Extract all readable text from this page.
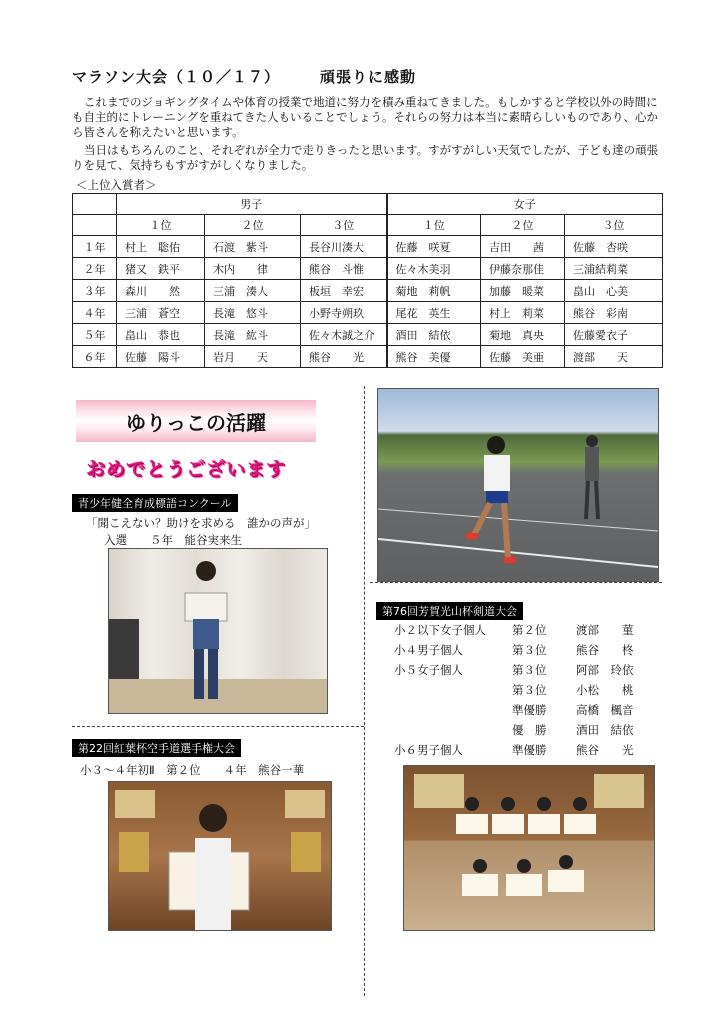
マラソン大会（１０／１７）	頑張りに感動
これまでのジョギングタイムや体育の授業で地道に努力を積み重ねてきました。もしかすると学校以外の時間にも自主的にトレーニングを重ねてきた人もいることでしょう。それらの努力は本当に素晴らしいものであり、心から皆さんを称えたいと思います。
当日はもちろんのこと、それぞれが全力で走りきったと思います。すがすがしい天気でしたが、子ども達の頑張りを見て、気持ちもすがすがしくなりました。
＜上位入賞者＞
	男子			女子		
	１位	２位	３位	１位	２位	３位
１年	村上　聡佑	石渡　紫斗	長谷川湊大	佐藤　咲夏	吉田　　茜	佐藤　杏咲
２年	猪又　鉄平	木内　　律	熊谷　斗惟	佐々木美羽	伊藤奈那佳	三浦結莉菜
３年	森川　　然	三浦　湊人	板垣　幸宏	菊地　莉帆	加藤　暖菜	畠山　心美
４年	三浦　蒼空	長滝　悠斗	小野寺朔玖	尾花　英生	村上　莉菜	熊谷　彩南
５年	畠山　恭也	長滝　紘斗	佐々木誠之介	酒田　結依	菊地　真央	佐藤愛衣子
６年	佐藤　陽斗	岩月　　天	熊谷　　光	熊谷　美優	佐藤　美亜	渡部　　天
ゆりっこの活躍
おめでとうございます
青少年健全育成標語コンクール
「聞こえない？助けを求める　誰かの声が」
入選　　５年　能谷実来生
第22回紅葉杯空手道選手権大会
小３～４年初Ⅱ　第２位　　４年　熊谷一華
第76回芳賀光山杯剣道大会
小２以下女子個人 第２位	渡部　　菫
小４男子個人	第３位	熊谷　　柊
小５女子個人	第３位	阿部　玲依
第３位	小松　　桃
準優勝	高橋　楓音
優　勝	酒田　結依
小６男子個人	準優勝	熊谷　　光
